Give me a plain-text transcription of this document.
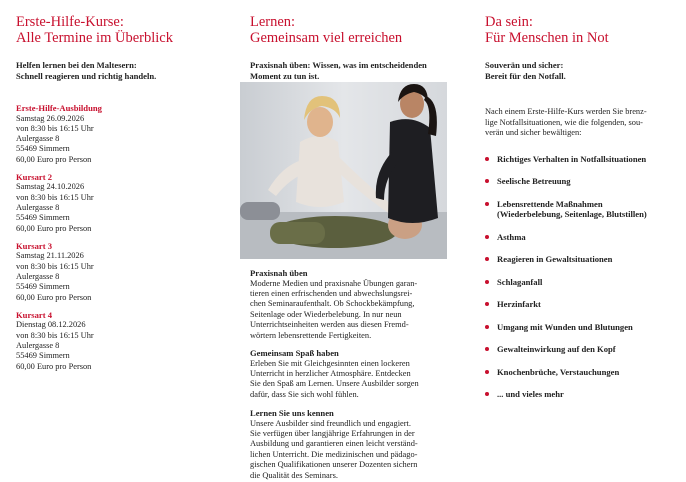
Erste-Hilfe-Kurse:
Alle Termine im Überblick
Helfen lernen bei den Maltesern:
Schnell reagieren und richtig handeln.
Erste-Hilfe-Ausbildung
Samstag 26.09.2026
von 8:30 bis 16:15 Uhr
Aulergasse 8
55469 Simmern
60,00 Euro pro Person
Kursart 2
Samstag 24.10.2026
von 8:30 bis 16:15 Uhr
Aulergasse 8
55469 Simmern
60,00 Euro pro Person
Kursart 3
Samstag 21.11.2026
von 8:30 bis 16:15 Uhr
Aulergasse 8
55469 Simmern
60,00 Euro pro Person
Kursart 4
Dienstag 08.12.2026
von 8:30 bis 16:15 Uhr
Aulergasse 8
55469 Simmern
60,00 Euro pro Person
Lernen:
Gemeinsam viel erreichen
Praxisnah üben: Wissen, was im entscheidenden
Moment zu tun ist.
Praxisnah üben
Moderne Medien und praxisnahe Übungen garan-
tieren einen erfrischenden und abwechslungsrei-
chen Seminaraufenthalt. Ob Schockbekämpfung,
Seitenlage oder Wiederbelebung. In nur neun
Unterrichtseinheiten werden aus diesen Fremd-
wörtern lebensrettende Fertigkeiten.
Gemeinsam Spaß haben
Erleben Sie mit Gleichgesinnten einen lockeren
Unterricht in herzlicher Atmosphäre. Entdecken
Sie den Spaß am Lernen. Unsere Ausbilder sorgen
dafür, dass Sie sich wohl fühlen.
Lernen Sie uns kennen
Unsere Ausbilder sind freundlich und engagiert.
Sie verfügen über langjährige Erfahrungen in der
Ausbildung und garantieren einen leicht verständ-
lichen Unterricht. Die medizinischen und pädago-
gischen Qualifikationen unserer Dozenten sichern
die Qualität des Seminars.
Da sein:
Für Menschen in Not
Souverän und sicher:
Bereit für den Notfall.
Nach einem Erste-Hilfe-Kurs werden Sie brenz-
lige Notfallsituationen, wie die folgenden, sou-
verän und sicher bewältigen:
Richtiges Verhalten in Notfallsituationen
Seelische Betreuung
Lebensrettende Maßnahmen
(Wiederbelebung, Seitenlage, Blutstillen)
Asthma
Reagieren in Gewaltsituationen
Schlaganfall
Herzinfarkt
Umgang mit Wunden und Blutungen
Gewalteinwirkung auf den Kopf
Knochenbrüche, Verstauchungen
... und vieles mehr
